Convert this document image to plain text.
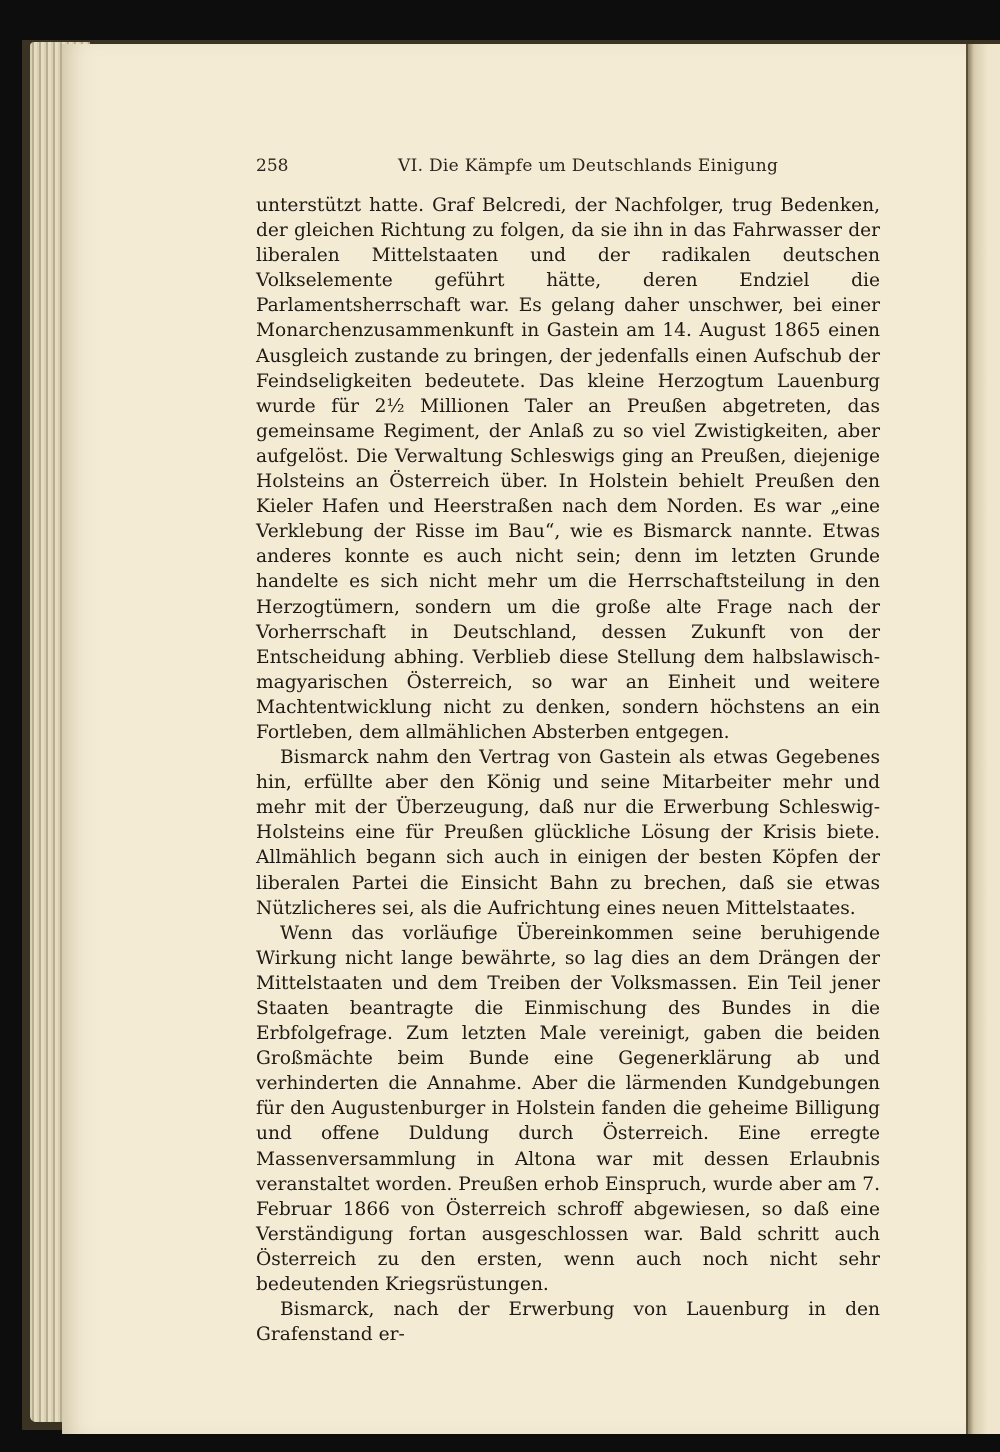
258	VI. Die Kämpfe um Deutschlands Einigung

unterstützt hatte. Graf Belcredi, der Nachfolger, trug Bedenken, der gleichen Richtung zu folgen, da sie ihn in das Fahrwasser der liberalen Mittelstaaten und der radikalen deutschen Volkselemente geführt hätte, deren Endziel die Parlamentsherrschaft war. Es gelang daher unschwer, bei einer Monarchenzusammenkunft in Gastein am 14. August 1865 einen Ausgleich zustande zu bringen, der jedenfalls einen Aufschub der Feindseligkeiten bedeutete. Das kleine Herzogtum Lauenburg wurde für 2½ Millionen Taler an Preußen abgetreten, das gemeinsame Regiment, der Anlaß zu so viel Zwistigkeiten, aber aufgelöst. Die Verwaltung Schleswigs ging an Preußen, diejenige Holsteins an Österreich über. In Holstein behielt Preußen den Kieler Hafen und Heerstraßen nach dem Norden. Es war „eine Verklebung der Risse im Bau“, wie es Bismarck nannte. Etwas anderes konnte es auch nicht sein; denn im letzten Grunde handelte es sich nicht mehr um die Herrschaftsteilung in den Herzogtümern, sondern um die große alte Frage nach der Vorherrschaft in Deutschland, dessen Zukunft von der Entscheidung abhing. Verblieb diese Stellung dem halbslawisch-magyarischen Österreich, so war an Einheit und weitere Machtentwicklung nicht zu denken, sondern höchstens an ein Fortleben, dem allmählichen Absterben entgegen.

Bismarck nahm den Vertrag von Gastein als etwas Gegebenes hin, erfüllte aber den König und seine Mitarbeiter mehr und mehr mit der Überzeugung, daß nur die Erwerbung Schleswig-Holsteins eine für Preußen glückliche Lösung der Krisis biete. Allmählich begann sich auch in einigen der besten Köpfen der liberalen Partei die Einsicht Bahn zu brechen, daß sie etwas Nützlicheres sei, als die Aufrichtung eines neuen Mittelstaates.

Wenn das vorläufige Übereinkommen seine beruhigende Wirkung nicht lange bewährte, so lag dies an dem Drängen der Mittelstaaten und dem Treiben der Volksmassen. Ein Teil jener Staaten beantragte die Einmischung des Bundes in die Erbfolgefrage. Zum letzten Male vereinigt, gaben die beiden Großmächte beim Bunde eine Gegenerklärung ab und verhinderten die Annahme. Aber die lärmenden Kundgebungen für den Augustenburger in Holstein fanden die geheime Billigung und offene Duldung durch Österreich. Eine erregte Massenversammlung in Altona war mit dessen Erlaubnis veranstaltet worden. Preußen erhob Einspruch, wurde aber am 7. Februar 1866 von Österreich schroff abgewiesen, so daß eine Verständigung fortan ausgeschlossen war. Bald schritt auch Österreich zu den ersten, wenn auch noch nicht sehr bedeutenden Kriegsrüstungen.

Bismarck, nach der Erwerbung von Lauenburg in den Grafenstand er-
